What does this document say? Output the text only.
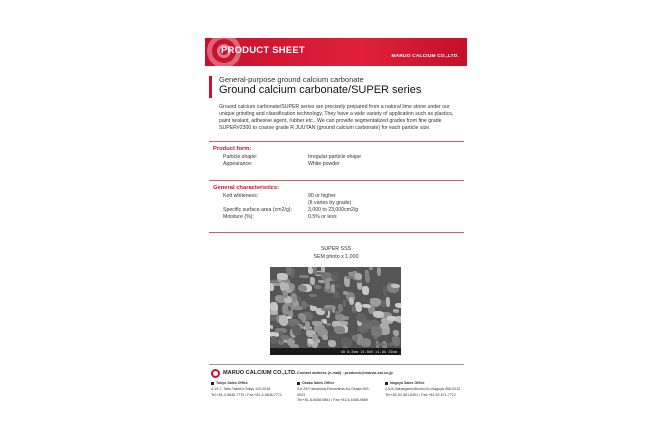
PRODUCT SHEET
MARUO CALCIUM CO.,LTD.
General-purpose ground calcium carbonate
Ground calcium carbonate/SUPER series
Ground calcium carbonate/SUPER series are precisely prepared from a natural lime stone under our
unique grinding and classification technology. They have a wide variety of application such as plastics,
paint sealant, adhesive agent, rubber etc.. We can provide segmentalized grades from fine grade
SUPER#2300 to coarse grade R JUUTAN (ground calcium carbonate) for each particle size.
Product form:
Particle shape:	Irregular particle shape
Appearance:	White powder
General characteristics:
Kett whiteness:	90 or higher
(It varies by grade)
Specific surface area (cm2/g):	3,000 to 23,000cm2/g
Moisture (%):	0.5% or less
SUPER SSS
SEM photo x 1,000
40 0.5mm 15.0kV x1.0k 30um
MARUO CALCIUM CO.,LTD. Contact address (e-mail) : products@maruo-cal.co.jp
Tokyo Sales Office
4-19-7, Taito,TaitoKu,Tokyo 110-0016
Tel:+81-3-5846-7770 / Fax:+81-3-5846-7771
Osaka Sales Office
5-6-25 Fukushima,Fukushima-Ku,Osaka 553-0003
Tel:+81-6-6458-9861 / Fax:+81-6-6458-9869
Nagoya Sales Office
2-6-6,Sakaegami,Mizuho-Ku,Nagoya 456-0012
Tel:+81-52-681-6301 / Fax:+81-52-671-7712
